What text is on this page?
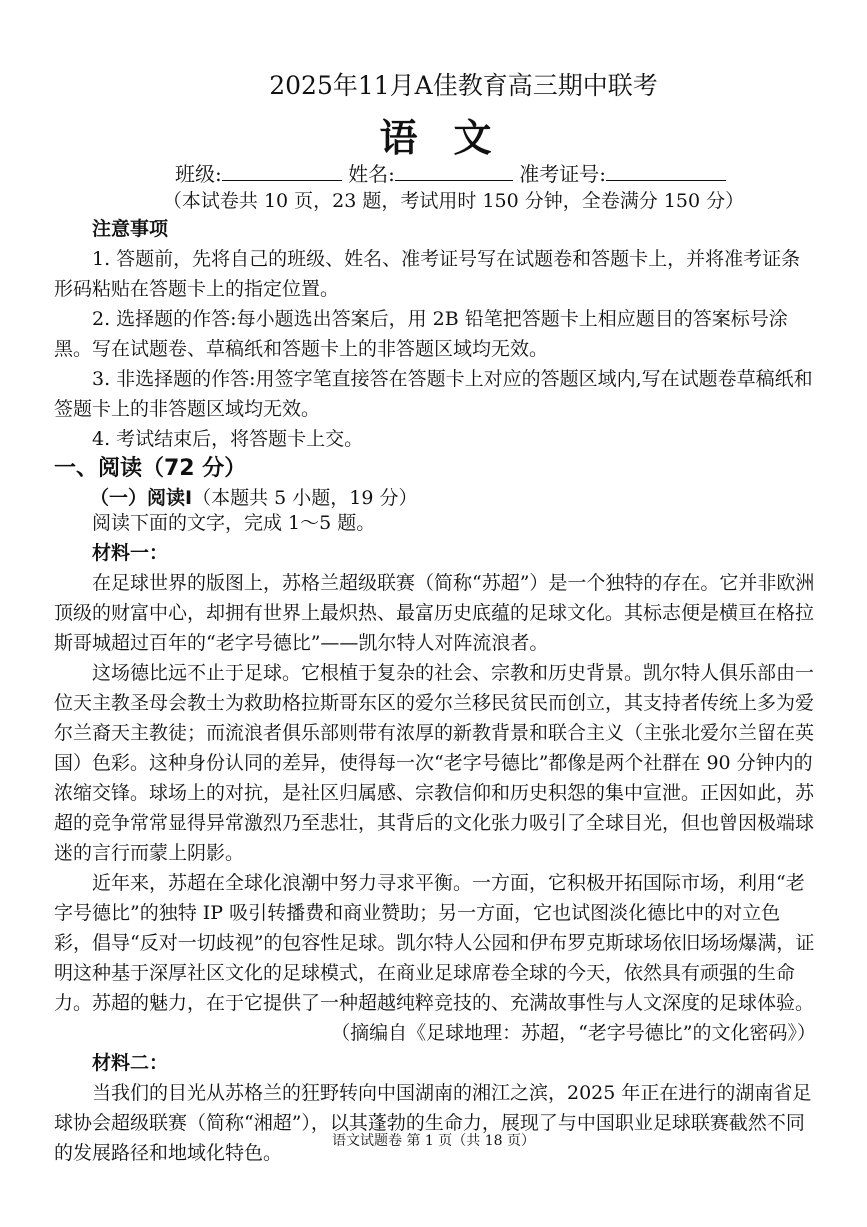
2025年11月A佳教育高三期中联考
语文
班级:	姓名:	准考证号:
（本试卷共 10 页，23 题，考试用时 150 分钟，全卷满分 150 分）

注意事项

1. 答题前，先将自己的班级、姓名、准考证号写在试题卷和答题卡上，并将准考证条形码粘贴在答题卡上的指定位置。

2. 选择题的作答:每小题选出答案后，用 2B 铅笔把答题卡上相应题目的答案标号涂黑。写在试题卷、草稿纸和答题卡上的非答题区域均无效。

3. 非选择题的作答:用签字笔直接答在答题卡上对应的答题区域内,写在试题卷草稿纸和签题卡上的非答题区域均无效。

4. 考试结束后，将答题卡上交。

一、阅读（72 分）
（一）阅读Ⅰ（本题共 5 小题，19 分）

阅读下面的文字，完成 1～5 题。

材料一：

在足球世界的版图上，苏格兰超级联赛（简称“苏超”）是一个独特的存在。它并非欧洲顶级的财富中心，却拥有世界上最炽热、最富历史底蕴的足球文化。其标志便是横亘在格拉斯哥城超过百年的“老字号德比”——凯尔特人对阵流浪者。

这场德比远不止于足球。它根植于复杂的社会、宗教和历史背景。凯尔特人俱乐部由一位天主教圣母会教士为救助格拉斯哥东区的爱尔兰移民贫民而创立，其支持者传统上多为爱尔兰裔天主教徒；而流浪者俱乐部则带有浓厚的新教背景和联合主义（主张北爱尔兰留在英国）色彩。这种身份认同的差异，使得每一次“老字号德比”都像是两个社群在 90 分钟内的浓缩交锋。球场上的对抗，是社区归属感、宗教信仰和历史积怨的集中宣泄。正因如此，苏超的竞争常常显得异常激烈乃至悲壮，其背后的文化张力吸引了全球目光，但也曾因极端球迷的言行而蒙上阴影。

近年来，苏超在全球化浪潮中努力寻求平衡。一方面，它积极开拓国际市场，利用“老字号德比”的独特 IP 吸引转播费和商业赞助；另一方面，它也试图淡化德比中的对立色彩，倡导“反对一切歧视”的包容性足球。凯尔特人公园和伊布罗克斯球场依旧场场爆满，证明这种基于深厚社区文化的足球模式，在商业足球席卷全球的今天，依然具有顽强的生命力。苏超的魅力，在于它提供了一种超越纯粹竞技的、充满故事性与人文深度的足球体验。

（摘编自《足球地理：苏超，“老字号德比”的文化密码》）

材料二：

当我们的目光从苏格兰的狂野转向中国湖南的湘江之滨，2025 年正在进行的湖南省足球协会超级联赛（简称“湘超”），以其蓬勃的生命力，展现了与中国职业足球联赛截然不同的发展路径和地域化特色。

语文试题卷 第 1 页（共 18 页）
